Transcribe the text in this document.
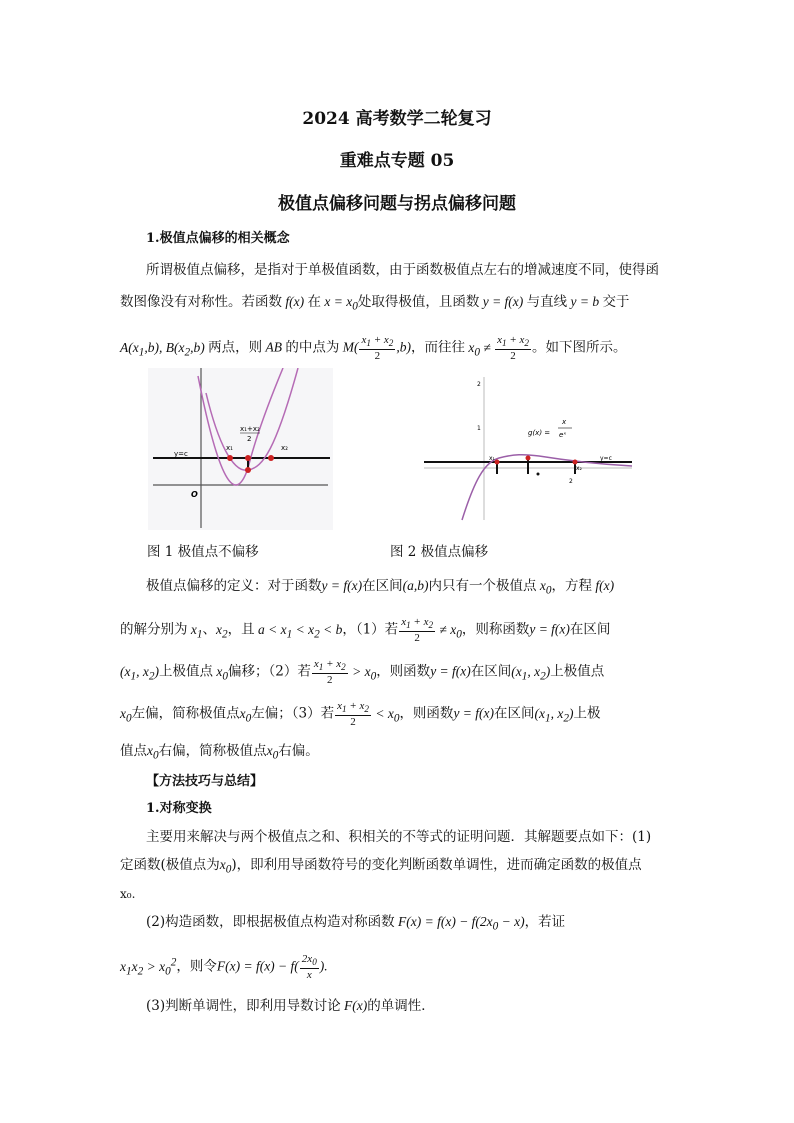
2024 高考数学二轮复习
重难点专题 05
极值点偏移问题与拐点偏移问题
1.极值点偏移的相关概念
所谓极值点偏移，是指对于单极值函数，由于函数极值点左右的增减速度不同，使得函
数图像没有对称性。若函数 f(x) 在 $x = x_0$处取得极值，且函数 y = f(x) 与直线 y = b 交于
$A(x_1,b)$, $B(x_2,b)$ 两点，则 AB 的中点为 $M( \frac{x_1 + x_2}{2} ,b)$，而往往 $x_0 \ne \frac{x_1 + x_2}{2}$ 。如下图所示。
y=c
x₁	x₂
x₁+x₂
2
O
2
1
g(x) =
x
eˣ
y=c
x₁
x₂
2
图 1 极值点不偏移	图 2 极值点偏移
极值点偏移的定义：对于函数y = f(x)在区间(a,b)内只有一个极值点 $x_0$，方程 f(x)
的解分别为 $x_1$、$x_2$，且 $a < x_1 < x_2 < b$，（1）若 $\frac{x_1 + x_2}{2} \ne x_0$，则称函数y = f(x)在区间
($x_1$, $x_2$)上极值点 $x_0$偏移；（2）若 $\frac{x_1 + x_2}{2} > x_0$，则函数y = f(x)在区间($x_1$, $x_2$)上极值点
$x_0$左偏，简称极值点$x_0$左偏；（3）若 $\frac{x_1 + x_2}{2} < x_0$，则函数y = f(x)在区间($x_1$, $x_2$)上极
值点$x_0$右偏，简称极值点$x_0$右偏。
【方法技巧与总结】
1.对称变换
主要用来解决与两个极值点之和、积相关的不等式的证明问题．其解题要点如下：(1)
定函数(极值点为$x_0$)，即利用导函数符号的变化判断函数单调性，进而确定函数的极值点
x₀.
(2)构造函数，即根据极值点构造对称函数 $F(x) = f(x) - f(2x_0 - x)$，若证
$x_1x_2 > x_0^2$，则令$F(x) = f(x) - f( \frac{2x_0}{x}$ ).
(3)判断单调性，即利用导数讨论 F(x)的单调性．
